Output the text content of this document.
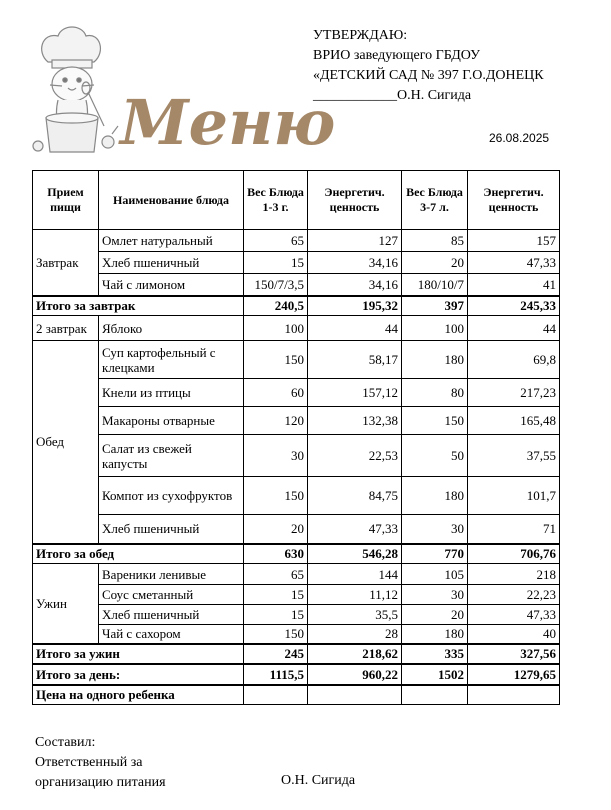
Меню
УТВЕРЖДАЮ:
ВРИО заведующего ГБДОУ
«ДЕТСКИЙ САД № 397 Г.О.ДОНЕЦК
____________О.Н. Сигида
26.08.2025
Прием пищи	Наименование блюда	Вес Блюда 1-3 г.	Энергетич. ценность	Вес Блюда 3-7 л.	Энергетич. ценность
Завтрак	Омлет натуральный	65	127	85	157
	Хлеб пшеничный	15	34,16	20	47,33
	Чай с лимоном	150/7/3,5	34,16	180/10/7	41
Итого за завтрак		240,5	195,32	397	245,33
2 завтрак	Яблоко	100	44	100	44
Обед	Суп картофельный с клецками	150	58,17	180	69,8
	Кнели из птицы	60	157,12	80	217,23
	Макароны отварные	120	132,38	150	165,48
	Салат из свежей капусты	30	22,53	50	37,55
	Компот из сухофруктов	150	84,75	180	101,7
	Хлеб пшеничный	20	47,33	30	71
Итого за обед		630	546,28	770	706,76
Ужин	Вареники ленивые	65	144	105	218
	Соус сметанный	15	11,12	30	22,23
	Хлеб пшеничный	15	35,5	20	47,33
	Чай с сахором	150	28	180	40
Итого за ужин		245	218,62	335	327,56
Итого за день:		1115,5	960,22	1502	1279,65
Цена на одного ребенка					
Составил:
Ответственный за
организацию питания	О.Н. Сигида
